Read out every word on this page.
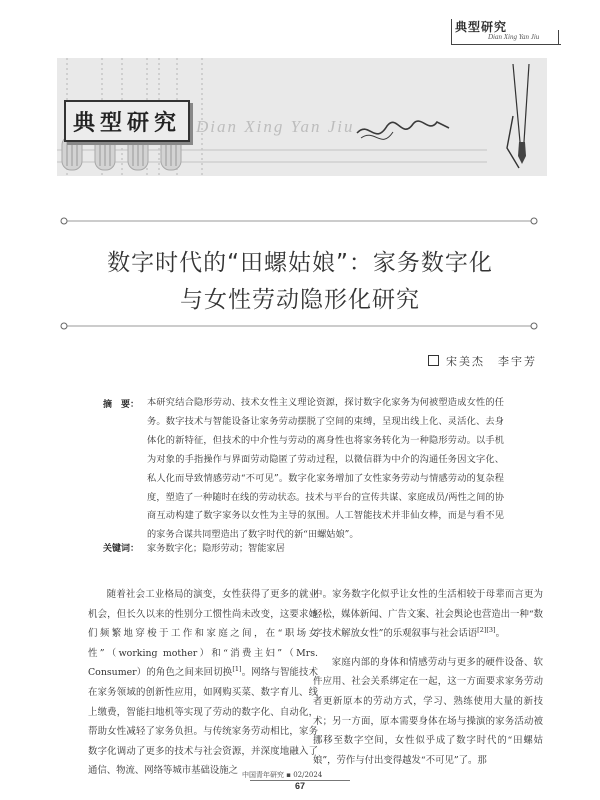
典型研究
Dian Xing Yan Jiu
典型研究 Dian Xing Yan Jiu
数字时代的“田螺姑娘”：家务数字化
与女性劳动隐形化研究
宋美杰　李宇芳
摘　要： 本研究结合隐形劳动、技术女性主义理论资源，探讨数字化家务为何被塑造成女性的任务。数字技术与智能设备让家务劳动摆脱了空间的束缚，呈现出线上化、灵活化、去身体化的新特征，但技术的中介性与劳动的离身性也将家务转化为一种隐形劳动。以手机为对象的手指操作与界面劳动隐匿了劳动过程，以微信群为中介的沟通任务因文字化、私人化而导致情感劳动“不可见”。数字化家务增加了女性家务劳动与情感劳动的复杂程度，塑造了一种随时在线的劳动状态。技术与平台的宣传共谋、家庭成员/两性之间的协商互动构建了数字家务以女性为主导的氛围。人工智能技术并非仙女棒，而是与看不见的家务合谋共同塑造出了数字时代的新“田螺姑娘”。
关键词： 家务数字化；隐形劳动；智能家居

随着社会工业格局的演变，女性获得了更多的就业机会，但长久以来的性别分工惯性尚未改变，这要求她们频繁地穿梭于工作和家庭之间，在“职场女性”（working mother）和“消费主妇”（Mrs. Consumer）的角色之间来回切换[1]。网络与智能技术在家务领域的创新性应用，如网购买菜、数字育儿、线上缴费，智能扫地机等实现了劳动的数字化、自动化，帮助女性减轻了家务负担。与传统家务劳动相比，家务数字化调动了更多的技术与社会资源，并深度地融入了通信、物流、网络等城市基础设施之

中。家务数字化似乎让女性的生活相较于母辈而言更为轻松，媒体新闻、广告文案、社会舆论也营造出一种“数字技术解放女性”的乐观叙事与社会话语[2][3]。

家庭内部的身体和情感劳动与更多的硬件设备、软件应用、社会关系绑定在一起，这一方面要求家务劳动者更新原本的劳动方式，学习、熟练使用大量的新技术；另一方面，原本需要身体在场与操演的家务活动被挪移至数字空间，女性似乎成了数字时代的“田螺姑娘”，劳作与付出变得越发“不可见”了。那

中国青年研究 ▪ 02/2024
67
